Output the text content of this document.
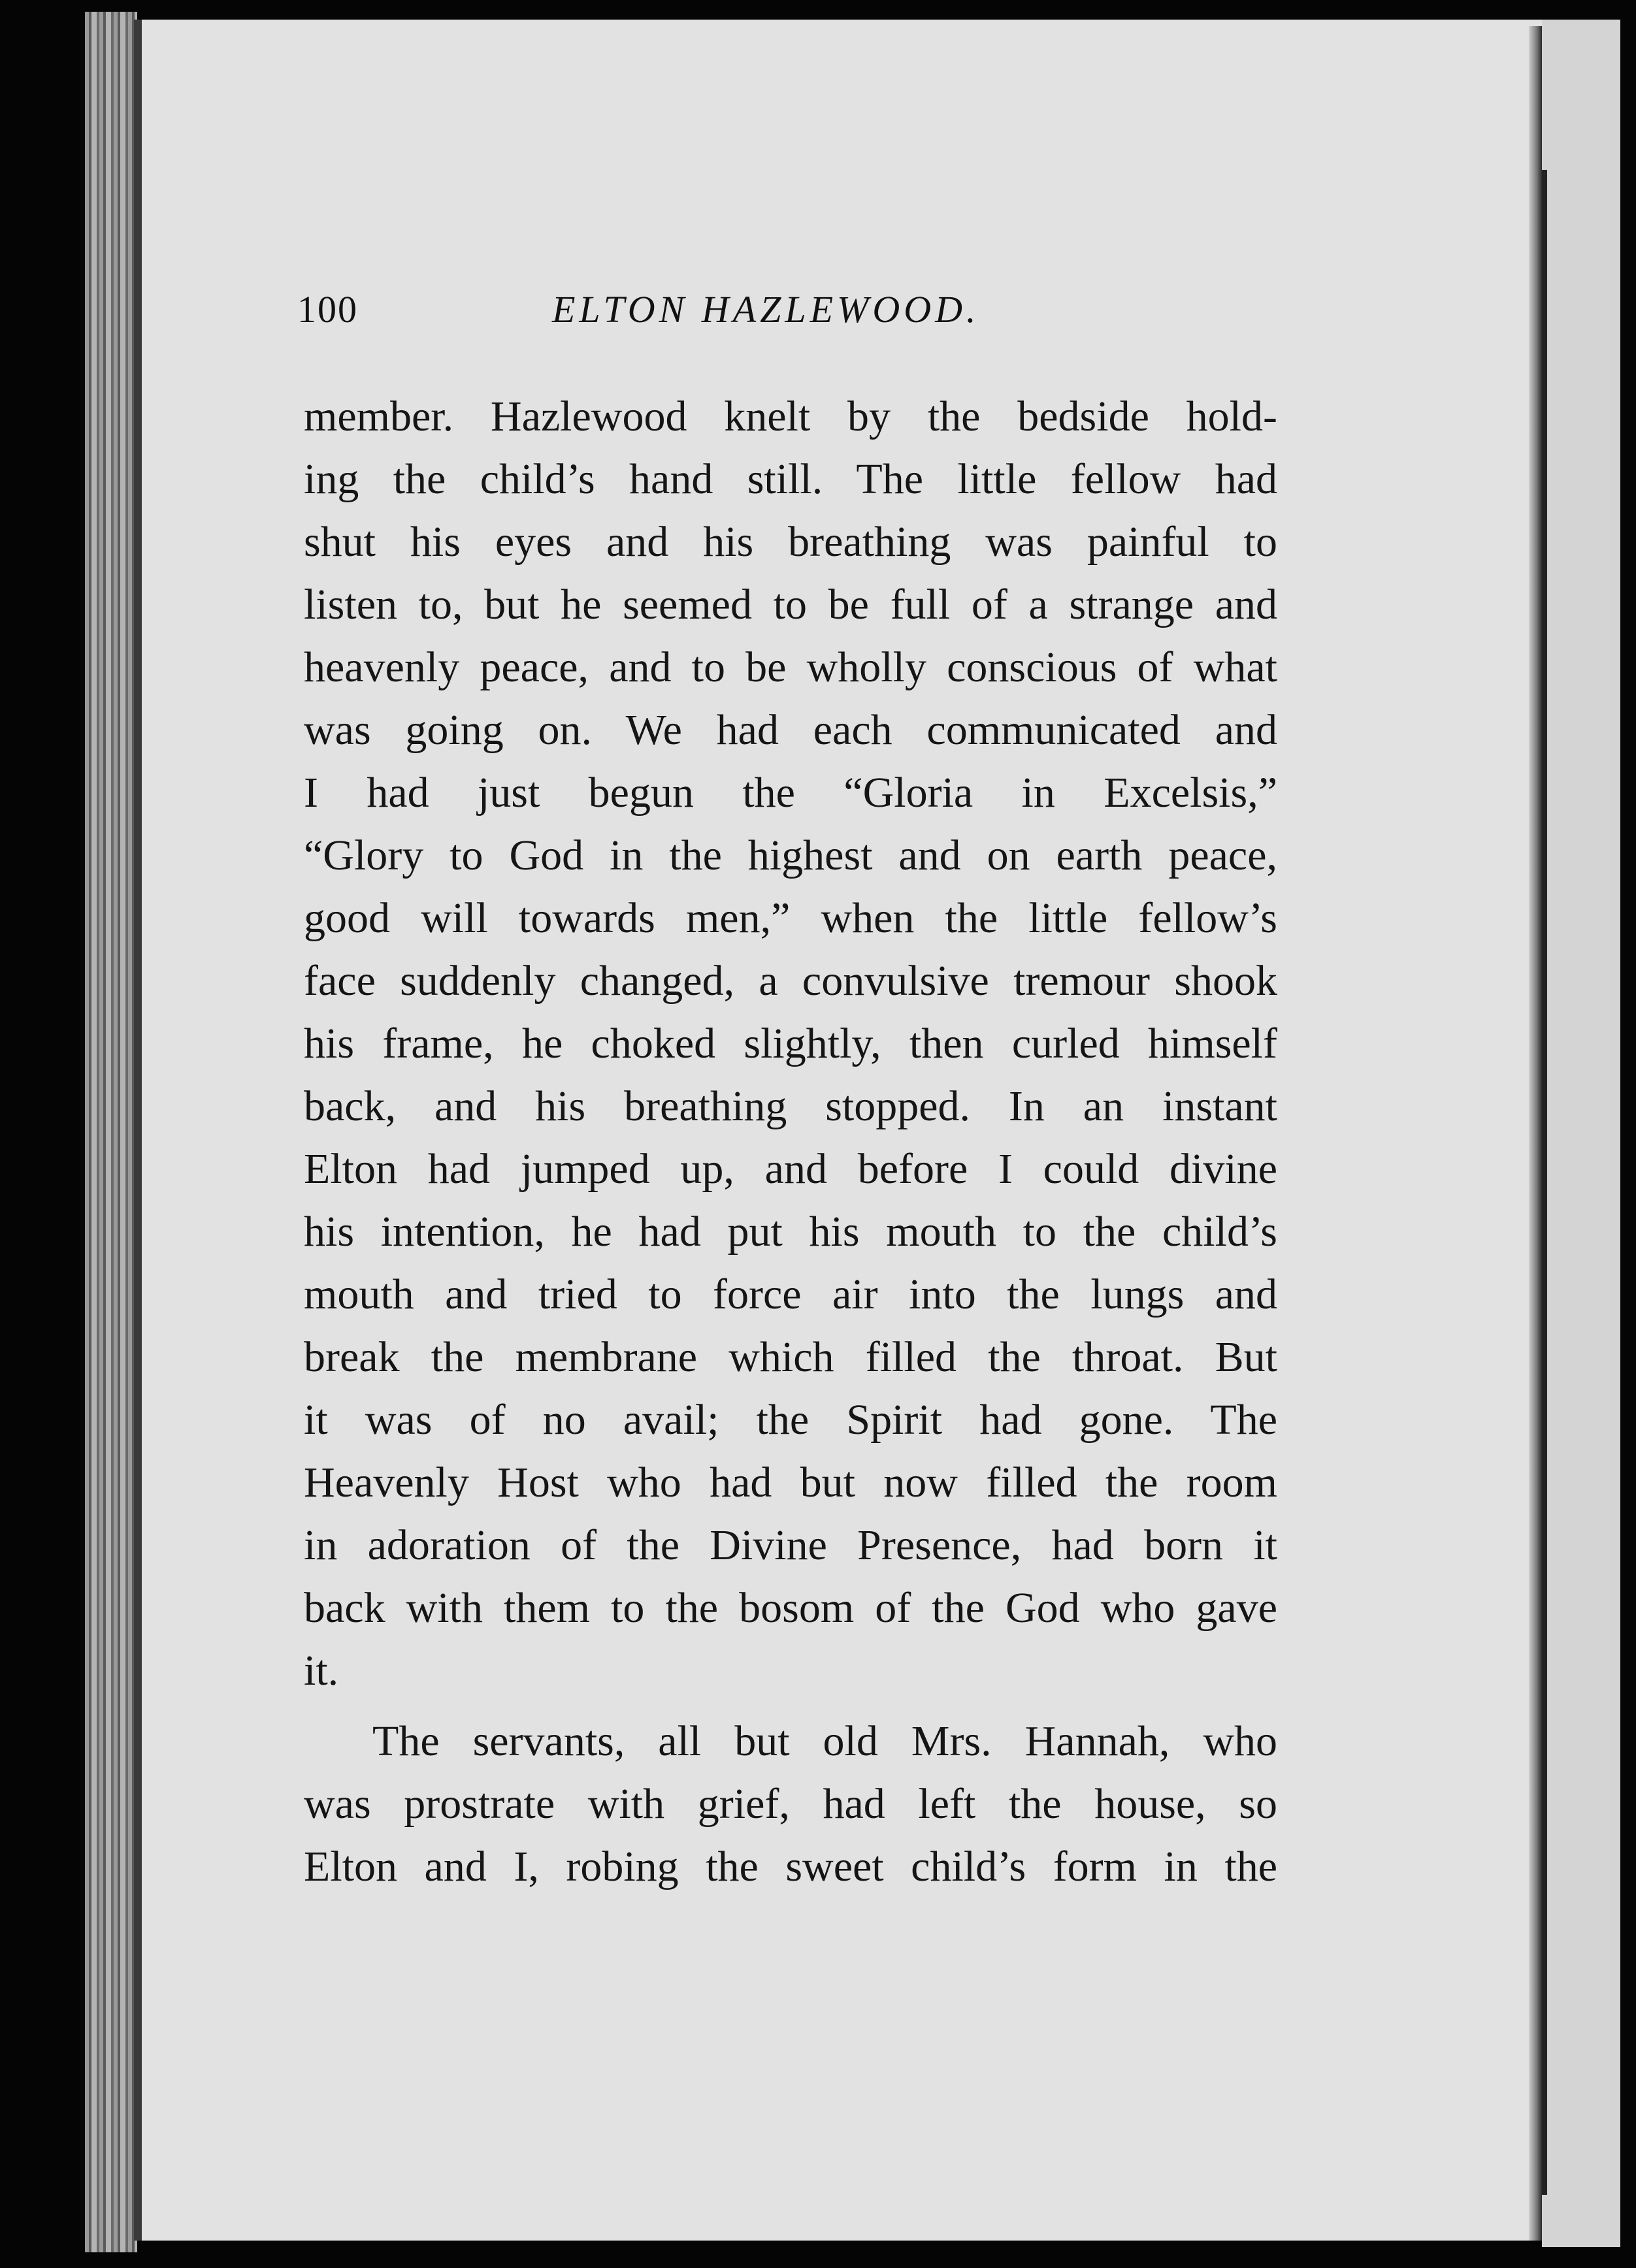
100	ELTON HAZLEWOOD.
member. Hazlewood knelt by the bedside hold-
ing the child’s hand still. The little fellow had
shut his eyes and his breathing was painful to
listen to, but he seemed to be full of a strange and
heavenly peace, and to be wholly conscious of what
was going on. We had each communicated and
I had just begun the “Gloria in Excelsis,”
“Glory to God in the highest and on earth peace,
good will towards men,” when the little fellow’s
face suddenly changed, a convulsive tremour shook
his frame, he choked slightly, then curled himself
back, and his breathing stopped. In an instant
Elton had jumped up, and before I could divine
his intention, he had put his mouth to the child’s
mouth and tried to force air into the lungs and
break the membrane which filled the throat. But
it was of no avail; the Spirit had gone. The
Heavenly Host who had but now filled the room
in adoration of the Divine Presence, had born it
back with them to the bosom of the God who gave
it.
The servants, all but old Mrs. Hannah, who
was prostrate with grief, had left the house, so
Elton and I, robing the sweet child’s form in the
